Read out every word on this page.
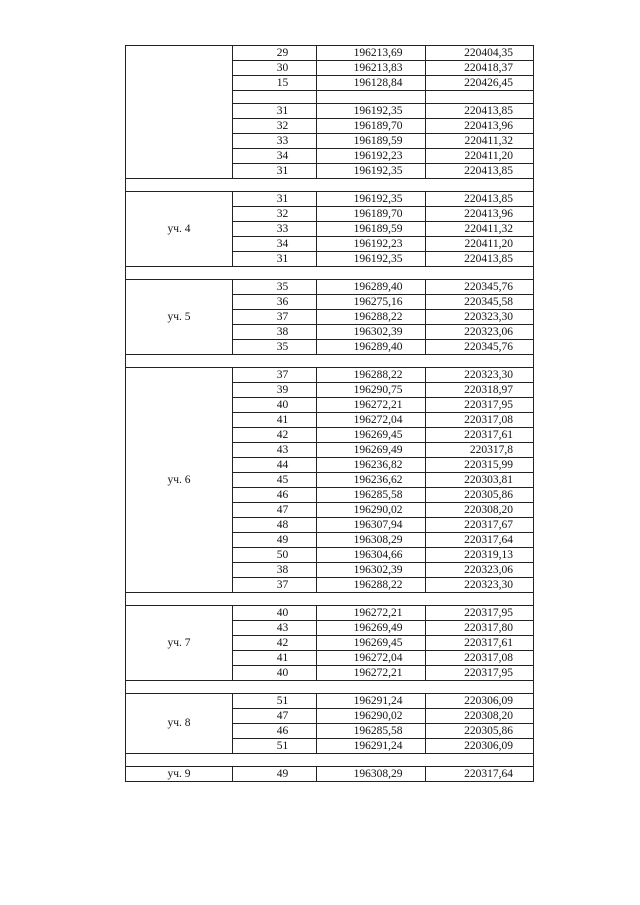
	29	196213,69	220404,35
	30	196213,83	220418,37
	15	196128,84	220426,45

	31	196192,35	220413,85
	32	196189,70	220413,96
	33	196189,59	220411,32
	34	196192,23	220411,20
	31	196192,35	220413,85

уч. 4	31	196192,35	220413,85
	32	196189,70	220413,96
	33	196189,59	220411,32
	34	196192,23	220411,20
	31	196192,35	220413,85

уч. 5	35	196289,40	220345,76
	36	196275,16	220345,58
	37	196288,22	220323,30
	38	196302,39	220323,06
	35	196289,40	220345,76

уч. 6	37	196288,22	220323,30
	39	196290,75	220318,97
	40	196272,21	220317,95
	41	196272,04	220317,08
	42	196269,45	220317,61
	43	196269,49	220317,8
	44	196236,82	220315,99
	45	196236,62	220303,81
	46	196285,58	220305,86
	47	196290,02	220308,20
	48	196307,94	220317,67
	49	196308,29	220317,64
	50	196304,66	220319,13
	38	196302,39	220323,06
	37	196288,22	220323,30

уч. 7	40	196272,21	220317,95
	43	196269,49	220317,80
	42	196269,45	220317,61
	41	196272,04	220317,08
	40	196272,21	220317,95

уч. 8	51	196291,24	220306,09
	47	196290,02	220308,20
	46	196285,58	220305,86
	51	196291,24	220306,09

уч. 9	49	196308,29	220317,64
